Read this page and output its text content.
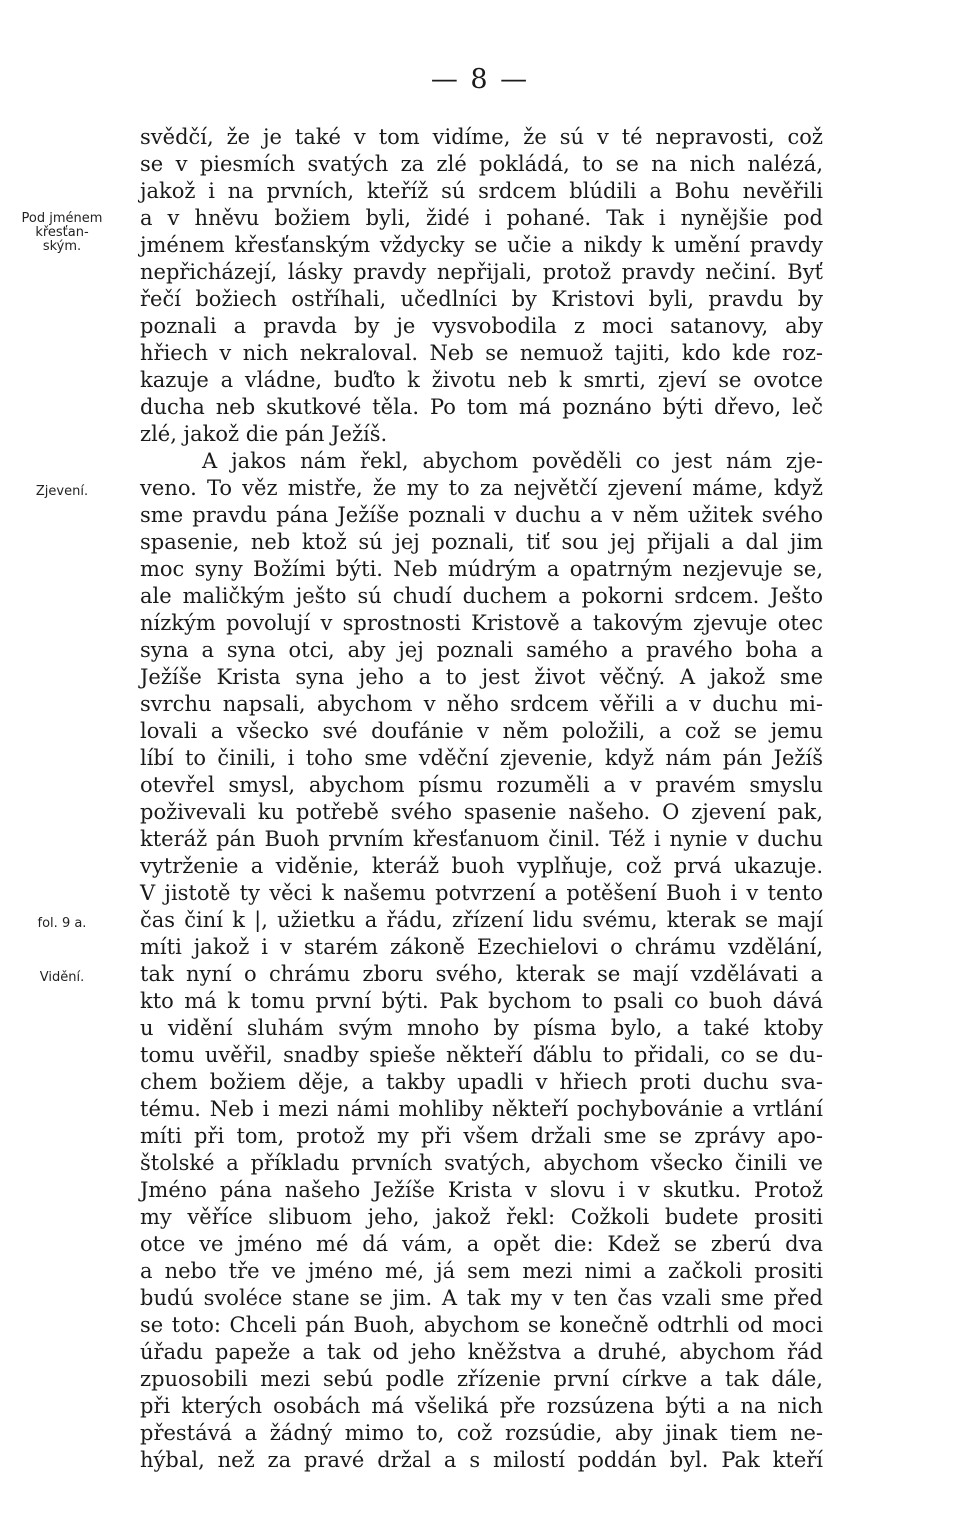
— 8 —
Pod jménem
křesťan-
ským.
Zjevení.
fol. 9 a.
Vidění.
svědčí, že je také v tom vidíme, že sú v té nepravosti, což
se v piesmích svatých za zlé pokládá, to se na nich nalézá,
jakož i na prvních, kteříž sú srdcem blúdili a Bohu nevěřili
a v hněvu božiem byli, židé i pohané. Tak i nynějšie pod
jménem křesťanským vždycky se učie a nikdy k umění pravdy
nepřicházejí, lásky pravdy nepřijali, protož pravdy nečiní. Byť
řečí božiech ostříhali, učedlníci by Kristovi byli, pravdu by
poznali a pravda by je vysvobodila z moci satanovy, aby
hřiech v nich nekraloval. Neb se nemuož tajiti, kdo kde roz-
kazuje a vládne, buďto k životu neb k smrti, zjeví se ovotce
ducha neb skutkové těla. Po tom má poznáno býti dřevo, leč
zlé, jakož die pán Ježíš.
A jakos nám řekl, abychom pověděli co jest nám zje-
veno. To věz mistře, že my to za největčí zjevení máme, když
sme pravdu pána Ježíše poznali v duchu a v něm užitek svého
spasenie, neb ktož sú jej poznali, tiť sou jej přijali a dal jim
moc syny Božími býti. Neb múdrým a opatrným nezjevuje se,
ale maličkým ješto sú chudí duchem a pokorni srdcem. Ješto
nízkým povolují v sprostnosti Kristově a takovým zjevuje otec
syna a syna otci, aby jej poznali samého a pravého boha a
Ježíše Krista syna jeho a to jest život věčný. A jakož sme
svrchu napsali, abychom v něho srdcem věřili a v duchu mi-
lovali a všecko své doufánie v něm položili, a což se jemu
líbí to činili, i toho sme vděční zjevenie, když nám pán Ježíš
otevřel smysl, abychom písmu rozuměli a v pravém smyslu
poživevali ku potřebě svého spasenie našeho. O zjevení pak,
kteráž pán Buoh prvním křesťanuom činil. Též i nynie v duchu
vytrženie a viděnie, kteráž buoh vyplňuje, což prvá ukazuje.
V jistotě ty věci k našemu potvrzení a potěšení Buoh i v tento
čas činí k |, užietku a řádu, zřízení lidu svému, kterak se mají
míti jakož i v starém zákoně Ezechielovi o chrámu vzdělání,
tak nyní o chrámu zboru svého, kterak se mají vzdělávati a
kto má k tomu první býti. Pak bychom to psali co buoh dává
u vidění sluhám svým mnoho by písma bylo, a také ktoby
tomu uvěřil, snadby spieše někteří ďáblu to přidali, co se du-
chem božiem děje, a takby upadli v hřiech proti duchu sva-
tému. Neb i mezi námi mohliby někteří pochybovánie a vrtlání
míti při tom, protož my při všem držali sme se zprávy apo-
štolské a příkladu prvních svatých, abychom všecko činili ve
Jméno pána našeho Ježíše Krista v slovu i v skutku. Protož
my věříce slibuom jeho, jakož řekl: Cožkoli budete prositi
otce ve jméno mé dá vám, a opět die: Kdež se zberú dva
a nebo tře ve jméno mé, já sem mezi nimi a začkoli prositi
budú svoléce stane se jim. A tak my v ten čas vzali sme před
se toto: Chceli pán Buoh, abychom se konečně odtrhli od moci
úřadu papeže a tak od jeho kněžstva a druhé, abychom řád
zpuosobili mezi sebú podle zřízenie první církve a tak dále,
při kterých osobách má všeliká pře rozsúzena býti a na nich
přestává a žádný mimo to, což rozsúdie, aby jinak tiem ne-
hýbal, než za pravé držal a s milostí poddán byl. Pak kteří
